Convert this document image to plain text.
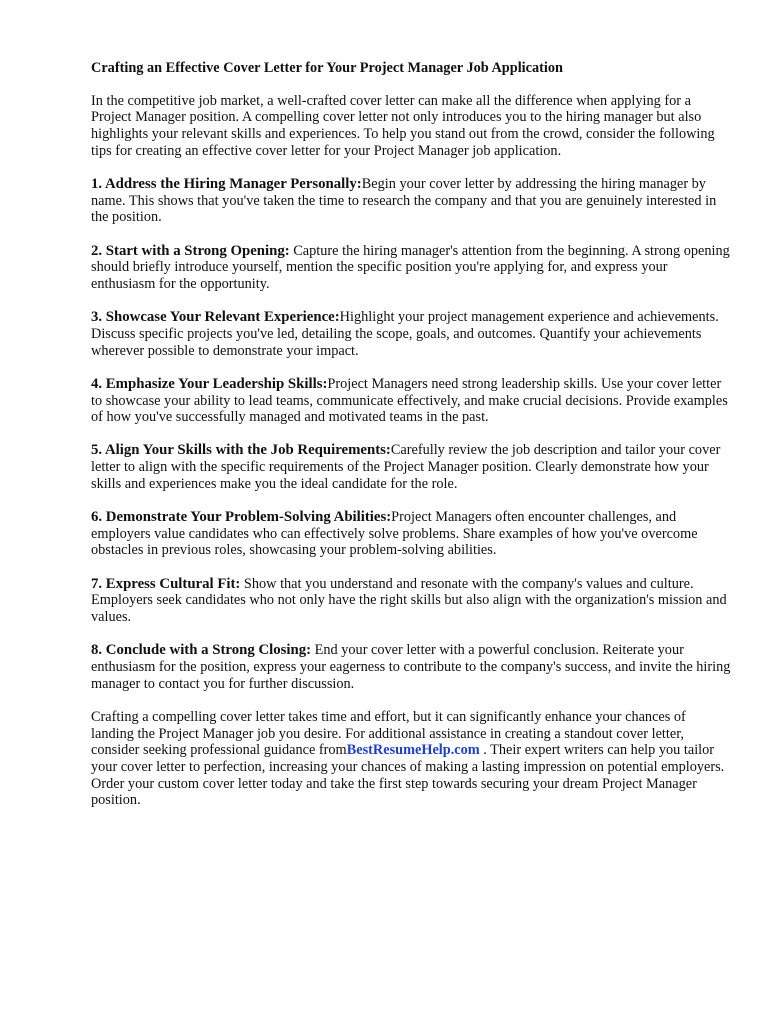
Crafting an Effective Cover Letter for Your Project Manager Job Application

In the competitive job market, a well-crafted cover letter can make all the difference when applying for a Project Manager position. A compelling cover letter not only introduces you to the hiring manager but also highlights your relevant skills and experiences. To help you stand out from the crowd, consider the following tips for creating an effective cover letter for your Project Manager job application.

1. Address the Hiring Manager Personally:Begin your cover letter by addressing the hiring manager by name. This shows that you've taken the time to research the company and that you are genuinely interested in the position.

2. Start with a Strong Opening: Capture the hiring manager's attention from the beginning. A strong opening should briefly introduce yourself, mention the specific position you're applying for, and express your enthusiasm for the opportunity.

3. Showcase Your Relevant Experience:Highlight your project management experience and achievements. Discuss specific projects you've led, detailing the scope, goals, and outcomes. Quantify your achievements wherever possible to demonstrate your impact.

4. Emphasize Your Leadership Skills:Project Managers need strong leadership skills. Use your cover letter to showcase your ability to lead teams, communicate effectively, and make crucial decisions. Provide examples of how you've successfully managed and motivated teams in the past.

5. Align Your Skills with the Job Requirements:Carefully review the job description and tailor your cover letter to align with the specific requirements of the Project Manager position. Clearly demonstrate how your skills and experiences make you the ideal candidate for the role.

6. Demonstrate Your Problem-Solving Abilities:Project Managers often encounter challenges, and employers value candidates who can effectively solve problems. Share examples of how you've overcome obstacles in previous roles, showcasing your problem-solving abilities.

7. Express Cultural Fit: Show that you understand and resonate with the company's values and culture. Employers seek candidates who not only have the right skills but also align with the organization's mission and values.

8. Conclude with a Strong Closing: End your cover letter with a powerful conclusion. Reiterate your enthusiasm for the position, express your eagerness to contribute to the company's success, and invite the hiring manager to contact you for further discussion.

Crafting a compelling cover letter takes time and effort, but it can significantly enhance your chances of landing the Project Manager job you desire. For additional assistance in creating a standout cover letter, consider seeking professional guidance fromBestResumeHelp.com . Their expert writers can help you tailor your cover letter to perfection, increasing your chances of making a lasting impression on potential employers. Order your custom cover letter today and take the first step towards securing your dream Project Manager position.
